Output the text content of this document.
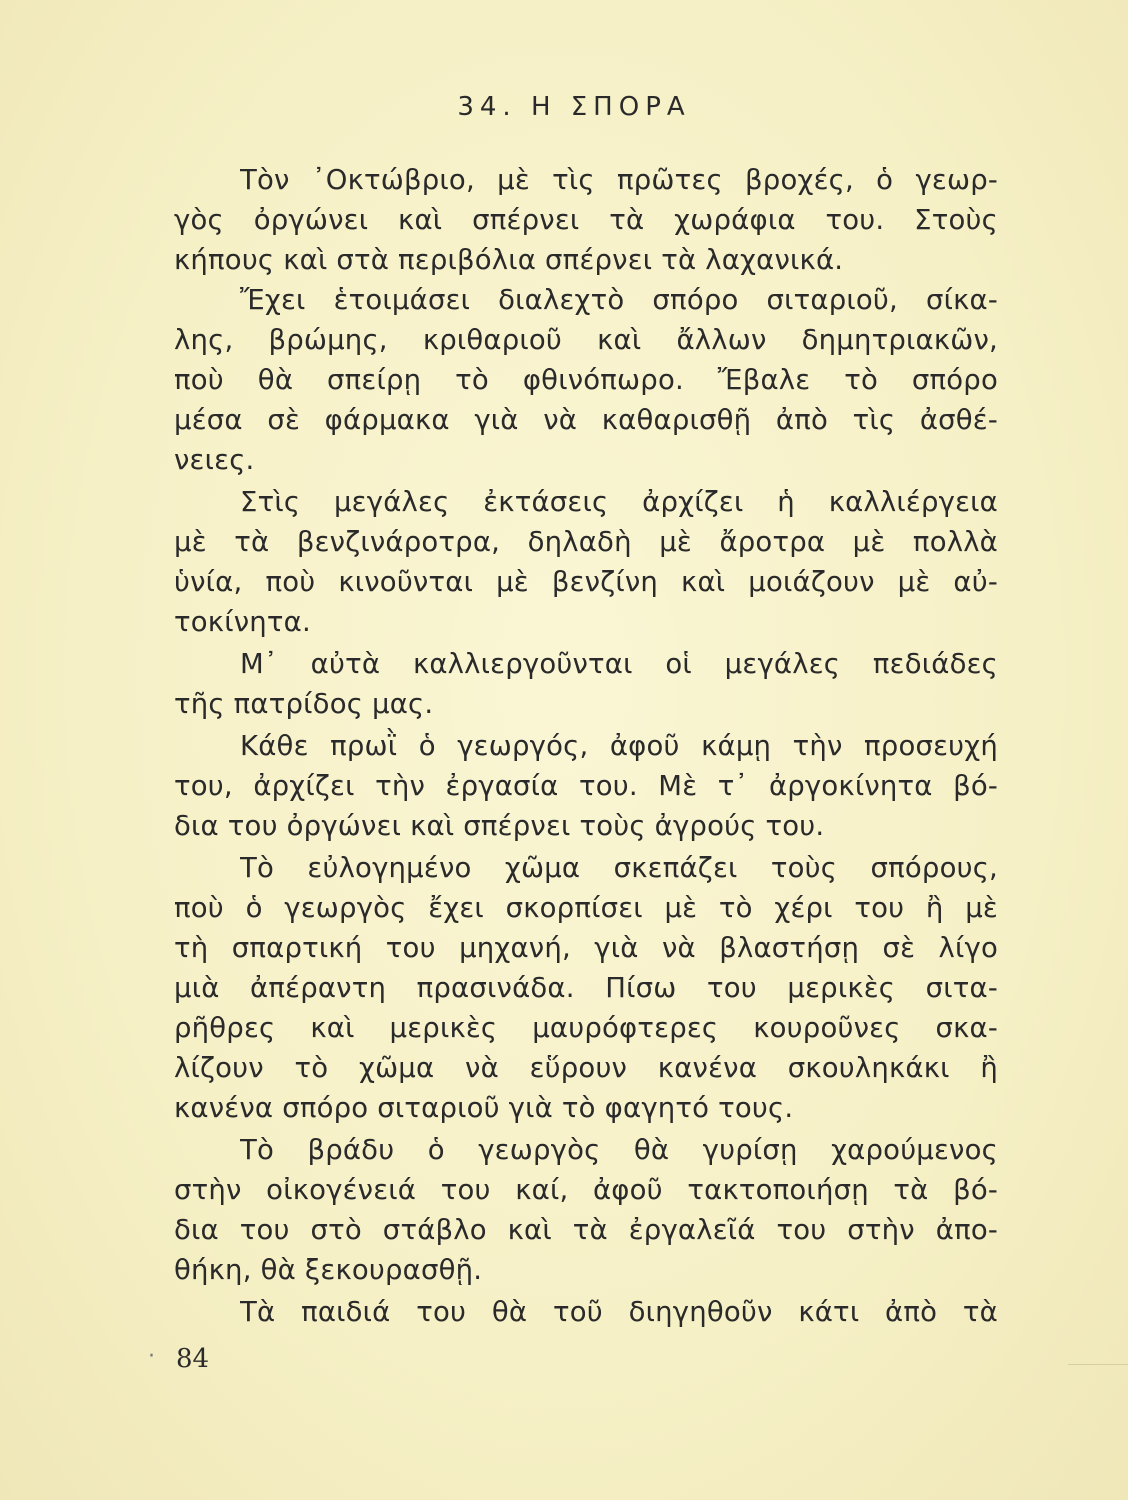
34. Η ΣΠΟΡΑ
Τὸν ᾿Οκτώβριο, μὲ τὶς πρῶτες βροχές, ὁ γεωρ-
γὸς ὀργώνει καὶ σπέρνει τὰ χωράφια του. Στοὺς
κήπους καὶ στὰ περιβόλια σπέρνει τὰ λαχανικά.
Ἔχει ἑτοιμάσει διαλεχτὸ σπόρο σιταριοῦ, σίκα-
λης, βρώμης, κριθαριοῦ καὶ ἄλλων δημητριακῶν,
ποὺ θὰ σπείρῃ τὸ φθινόπωρο. Ἔβαλε τὸ σπόρο
μέσα σὲ φάρμακα γιὰ νὰ καθαρισθῇ ἀπὸ τὶς ἀσθέ-
νειες.
Στὶς μεγάλες ἐκτάσεις ἀρχίζει ἡ καλλιέργεια
μὲ τὰ βενζινάροτρα, δηλαδὴ μὲ ἄροτρα μὲ πολλὰ
ὑνία, ποὺ κινοῦνται μὲ βενζίνη καὶ μοιάζουν μὲ αὐ-
τοκίνητα.
Μ᾿ αὐτὰ καλλιεργοῦνται οἱ μεγάλες πεδιάδες
τῆς πατρίδος μας.
Κάθε πρωῒ ὁ γεωργός, ἀφοῦ κάμῃ τὴν προσευχή
του, ἀρχίζει τὴν ἐργασία του. Μὲ τ᾿ ἀργοκίνητα βό-
δια του ὀργώνει καὶ σπέρνει τοὺς ἀγρούς του.
Τὸ εὐλογημένο χῶμα σκεπάζει τοὺς σπόρους,
ποὺ ὁ γεωργὸς ἔχει σκορπίσει μὲ τὸ χέρι του ἢ μὲ
τὴ σπαρτική του μηχανή, γιὰ νὰ βλαστήσῃ σὲ λίγο
μιὰ ἀπέραντη πρασινάδα. Πίσω του μερικὲς σιτα-
ρῆθρες καὶ μερικὲς μαυρόφτερες κουροῦνες σκα-
λίζουν τὸ χῶμα νὰ εὕρουν κανένα σκουληκάκι ἢ
κανένα σπόρο σιταριοῦ γιὰ τὸ φαγητό τους.
Τὸ βράδυ ὁ γεωργὸς θὰ γυρίσῃ χαρούμενος
στὴν οἰκογένειά του καί, ἀφοῦ τακτοποιήσῃ τὰ βό-
δια του στὸ στάβλο καὶ τὰ ἐργαλεῖά του στὴν ἀπο-
θήκη, θὰ ξεκουρασθῇ.
Τὰ παιδιά του θὰ τοῦ διηγηθοῦν κάτι ἀπὸ τὰ
· 84
